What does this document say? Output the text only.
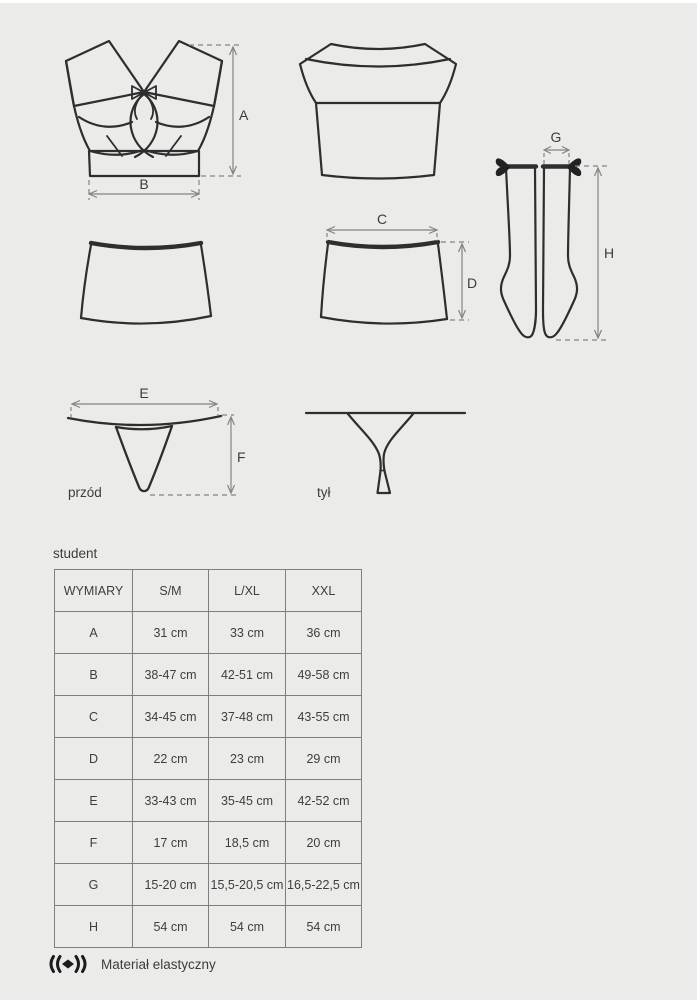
A
B
G
H
C
D
E
F
przód	tył
student
WYMIARY	S/M	L/XL	XXL
A	31 cm	33 cm	36 cm
B	38-47 cm	42-51 cm	49-58 cm
C	34-45 cm	37-48 cm	43-55 cm
D	22 cm	23 cm	29 cm
E	33-43 cm	35-45 cm	42-52 cm
F	17 cm	18,5 cm	20 cm
G	15-20 cm	15,5-20,5 cm	16,5-22,5 cm
H	54 cm	54 cm	54 cm
Materiał elastyczny
